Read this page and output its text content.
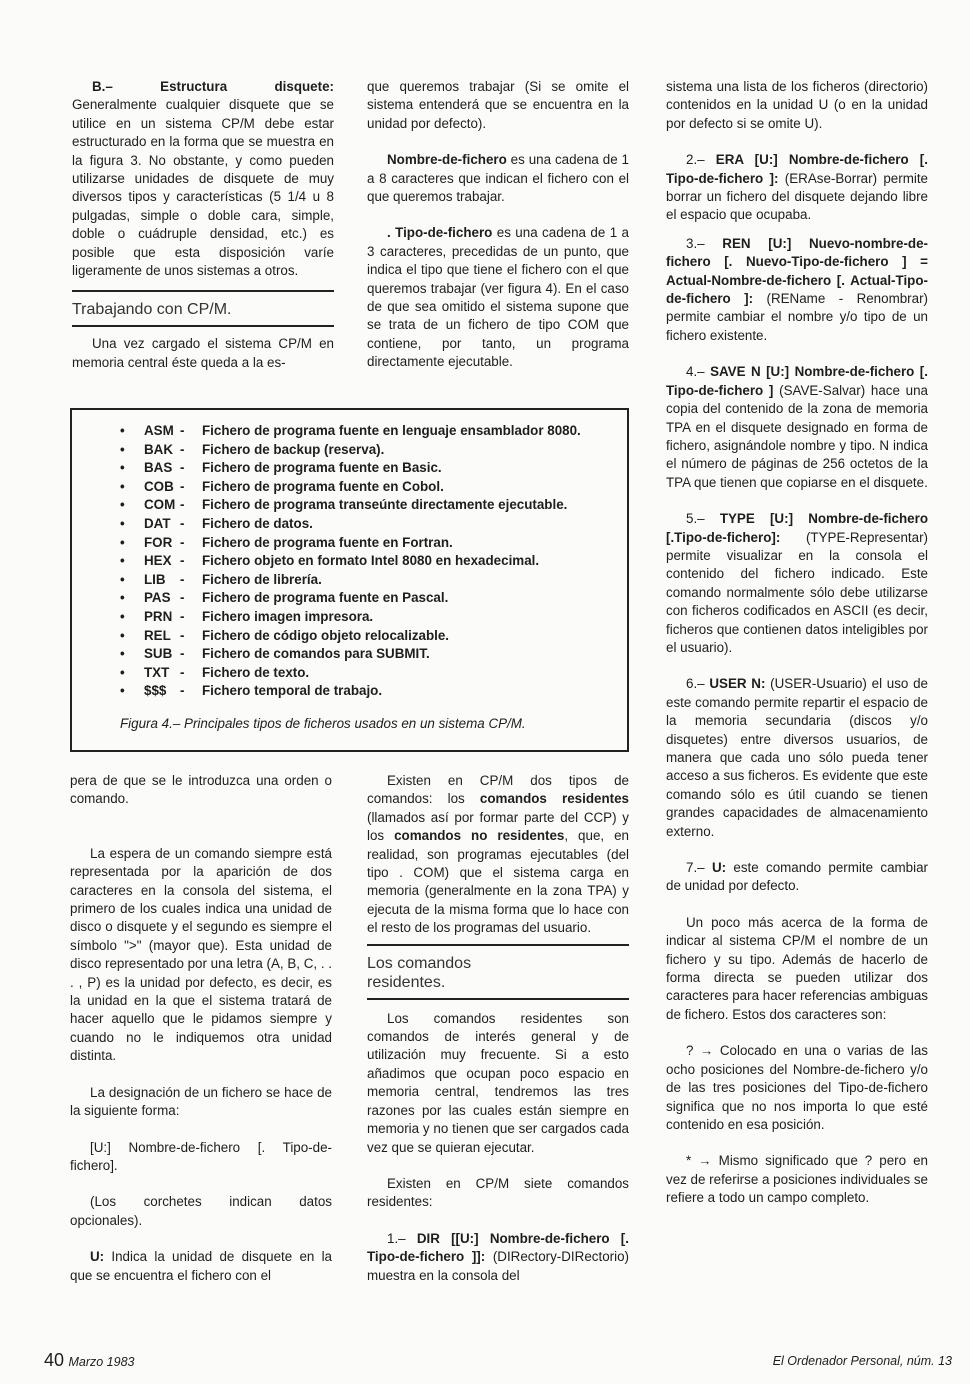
B.– Estructura disquete: Generalmente cualquier disquete que se utilice en un sistema CP/M debe estar estructurado en la forma que se muestra en la figura 3. No obstante, y como pueden utilizarse unidades de disquete de muy diversos tipos y características (5 1/4 u 8 pulgadas, simple o doble cara, simple, doble o cuádruple densidad, etc.) es posible que esta disposición varíe ligeramente de unos sistemas a otros.

Trabajando con CP/M.

Una vez cargado el sistema CP/M en memoria central éste queda a la es-

que queremos trabajar (Si se omite el sistema entenderá que se encuentra en la unidad por defecto).

Nombre-de-fichero es una cadena de 1 a 8 caracteres que indican el fichero con el que queremos trabajar.

. Tipo-de-fichero es una cadena de 1 a 3 caracteres, precedidas de un punto, que indica el tipo que tiene el fichero con el que queremos trabajar (ver figura 4). En el caso de que sea omitido el sistema supone que se trata de un fichero de tipo COM que contiene, por tanto, un programa directamente ejecutable.

•	ASM -	Fichero de programa fuente en lenguaje ensamblador 8080.
•	BAK -	Fichero de backup (reserva).
•	BAS -	Fichero de programa fuente en Basic.
•	COB -	Fichero de programa fuente en Cobol.
•	COM -	Fichero de programa transeúnte directamente ejecutable.
•	DAT -	Fichero de datos.
•	FOR -	Fichero de programa fuente en Fortran.
•	HEX -	Fichero objeto en formato Intel 8080 en hexadecimal.
•	LIB	-	Fichero de librería.
•	PAS -	Fichero de programa fuente en Pascal.
•	PRN -	Fichero imagen impresora.
•	REL -	Fichero de código objeto relocalizable.
•	SUB -	Fichero de comandos para SUBMIT.
•	TXT -	Fichero de texto.
•	$$$	-	Fichero temporal de trabajo.
Figura 4.– Principales tipos de ficheros usados en un sistema CP/M.

pera de que se le introduzca una orden o comando.

La espera de un comando siempre está representada por la aparición de dos caracteres en la consola del sistema, el primero de los cuales indica una unidad de disco o disquete y el segundo es siempre el símbolo ">" (mayor que). Esta unidad de disco representado por una letra (A, B, C, . . . , P) es la unidad por defecto, es decir, es la unidad en la que el sistema tratará de hacer aquello que le pidamos siempre y cuando no le indiquemos otra unidad distinta.

La designación de un fichero se hace de la siguiente forma:

[U:] Nombre-de-fichero [. Tipo-de-fichero].

(Los corchetes indican datos opcionales).

U: Indica la unidad de disquete en la que se encuentra el fichero con el

Existen en CP/M dos tipos de comandos: los comandos residentes (llamados así por formar parte del CCP) y los comandos no residentes, que, en realidad, son programas ejecutables (del tipo . COM) que el sistema carga en memoria (generalmente en la zona TPA) y ejecuta de la misma forma que lo hace con el resto de los programas del usuario.

Los comandos
residentes.

Los comandos residentes son comandos de interés general y de utilización muy frecuente. Si a esto añadimos que ocupan poco espacio en memoria central, tendremos las tres razones por las cuales están siempre en memoria y no tienen que ser cargados cada vez que se quieran ejecutar.

Existen en CP/M siete comandos residentes:

1.– DIR [[U:] Nombre-de-fichero [. Tipo-de-fichero ]]: (DIRectory-DIRectorio) muestra en la consola del

sistema una lista de los ficheros (directorio) contenidos en la unidad U (o en la unidad por defecto si se omite U).

2.– ERA [U:] Nombre-de-fichero [. Tipo-de-fichero ]: (ERAse-Borrar) permite borrar un fichero del disquete dejando libre el espacio que ocupaba.

3.– REN [U:] Nuevo-nombre-de-fichero [. Nuevo-Tipo-de-fichero ] = Actual-Nombre-de-fichero [. Actual-Tipo-de-fichero ]: (REName - Renombrar) permite cambiar el nombre y/o tipo de un fichero existente.

4.– SAVE N [U:] Nombre-de-fichero [. Tipo-de-fichero ] (SAVE-Salvar) hace una copia del contenido de la zona de memoria TPA en el disquete designado en forma de fichero, asignándole nombre y tipo. N indica el número de páginas de 256 octetos de la TPA que tienen que copiarse en el disquete.

5.– TYPE [U:] Nombre-de-fichero [.Tipo-de-fichero]: (TYPE-Representar) permite visualizar en la consola el contenido del fichero indicado. Este comando normalmente sólo debe utilizarse con ficheros codificados en ASCII (es decir, ficheros que contienen datos inteligibles por el usuario).

6.– USER N: (USER-Usuario) el uso de este comando permite repartir el espacio de la memoria secundaria (discos y/o disquetes) entre diversos usuarios, de manera que cada uno sólo pueda tener acceso a sus ficheros. Es evidente que este comando sólo es útil cuando se tienen grandes capacidades de almacenamiento externo.

7.– U: este comando permite cambiar de unidad por defecto.

Un poco más acerca de la forma de indicar al sistema CP/M el nombre de un fichero y su tipo. Además de hacerlo de forma directa se pueden utilizar dos caracteres para hacer referencias ambiguas de fichero. Estos dos caracteres son:

? → Colocado en una o varias de las ocho posiciones del Nombre-de-fichero y/o de las tres posiciones del Tipo-de-fichero significa que no nos importa lo que esté contenido en esa posición.

* → Mismo significado que ? pero en vez de referirse a posiciones individuales se refiere a todo un campo completo.

40 Marzo 1983	El Ordenador Personal, núm. 13
